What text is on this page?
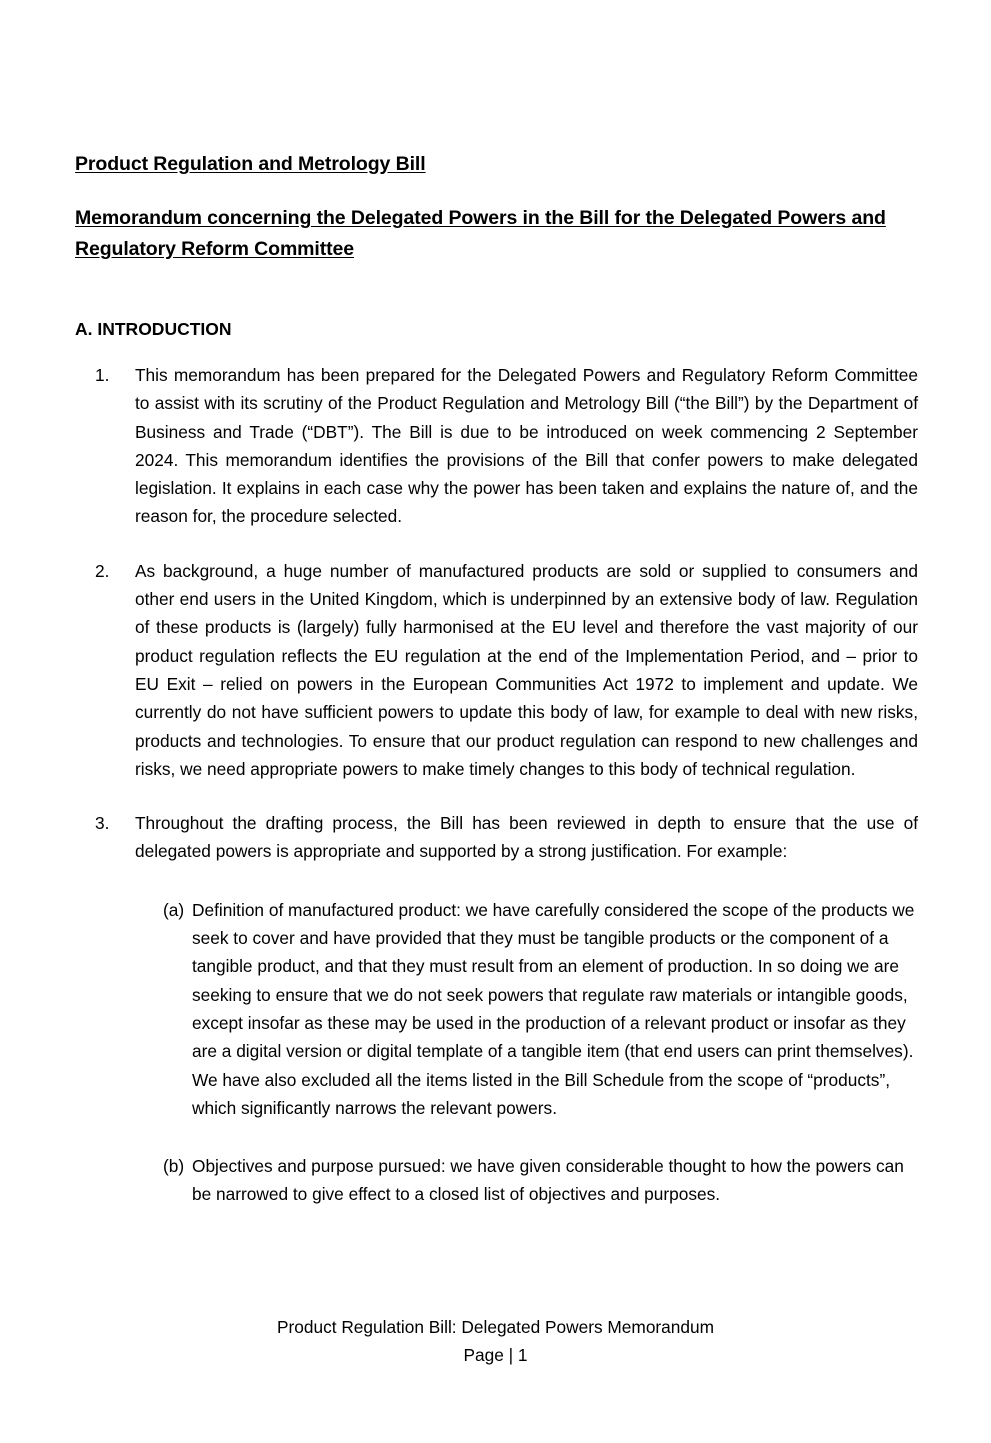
Product Regulation and Metrology Bill
Memorandum concerning the Delegated Powers in the Bill for the Delegated Powers and Regulatory Reform Committee
A. INTRODUCTION
1.	This memorandum has been prepared for the Delegated Powers and Regulatory Reform Committee to assist with its scrutiny of the Product Regulation and Metrology Bill (“the Bill”) by the Department of Business and Trade (“DBT”). The Bill is due to be introduced on week commencing 2 September 2024. This memorandum identifies the provisions of the Bill that confer powers to make delegated legislation. It explains in each case why the power has been taken and explains the nature of, and the reason for, the procedure selected.
2.	As background, a huge number of manufactured products are sold or supplied to consumers and other end users in the United Kingdom, which is underpinned by an extensive body of law. Regulation of these products is (largely) fully harmonised at the EU level and therefore the vast majority of our product regulation reflects the EU regulation at the end of the Implementation Period, and – prior to EU Exit – relied on powers in the European Communities Act 1972 to implement and update. We currently do not have sufficient powers to update this body of law, for example to deal with new risks, products and technologies. To ensure that our product regulation can respond to new challenges and risks, we need appropriate powers to make timely changes to this body of technical regulation.
3.	Throughout the drafting process, the Bill has been reviewed in depth to ensure that the use of delegated powers is appropriate and supported by a strong justification. For example:
(a) Definition of manufactured product: we have carefully considered the scope of the products we seek to cover and have provided that they must be tangible products or the component of a tangible product, and that they must result from an element of production. In so doing we are seeking to ensure that we do not seek powers that regulate raw materials or intangible goods, except insofar as these may be used in the production of a relevant product or insofar as they are a digital version or digital template of a tangible item (that end users can print themselves). We have also excluded all the items listed in the Bill Schedule from the scope of “products”, which significantly narrows the relevant powers.
(b) Objectives and purpose pursued: we have given considerable thought to how the powers can be narrowed to give effect to a closed list of objectives and purposes.
Product Regulation Bill: Delegated Powers Memorandum
Page | 1
